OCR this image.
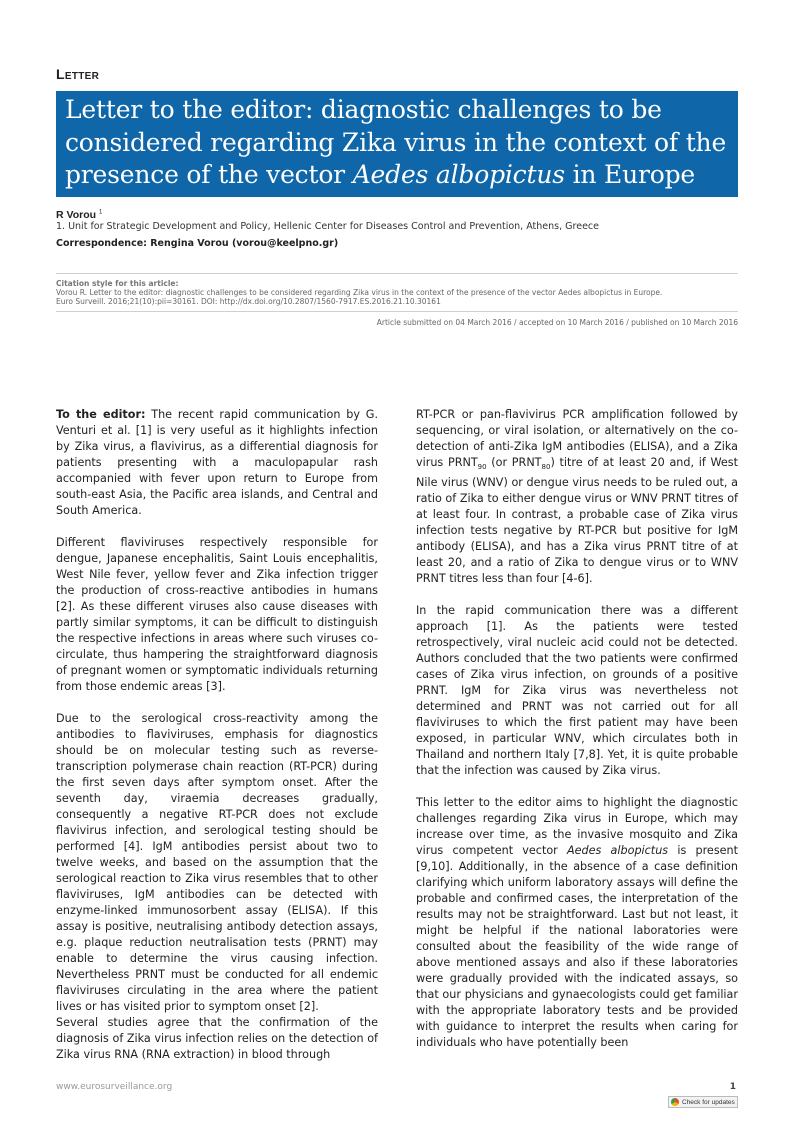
Letter
Letter to the editor: diagnostic challenges to be considered regarding Zika virus in the context of the presence of the vector Aedes albopictus in Europe
R Vorou $^1$
1. Unit for Strategic Development and Policy, Hellenic Center for Diseases Control and Prevention, Athens, Greece
Correspondence: Rengina Vorou (vorou@keelpno.gr)
Citation style for this article:
Vorou R. Letter to the editor: diagnostic challenges to be considered regarding Zika virus in the context of the presence of the vector Aedes albopictus in Europe.
Euro Surveill. 2016;21(10):pii=30161. DOI: http://dx.doi.org/10.2807/1560-7917.ES.2016.21.10.30161
Article submitted on 04 March 2016 / accepted on 10 March 2016 / published on 10 March 2016

To the editor: The recent rapid communication by G. Venturi et al. [1] is very useful as it highlights infection by Zika virus, a flavivirus, as a differential diagnosis for patients presenting with a maculopapular rash accompanied with fever upon return to Europe from south-east Asia, the Pacific area islands, and Central and South America.

Different flaviviruses respectively responsible for dengue, Japanese encephalitis, Saint Louis encephalitis, West Nile fever, yellow fever and Zika infection trigger the production of cross-reactive antibodies in humans [2]. As these different viruses also cause diseases with partly similar symptoms, it can be difficult to distinguish the respective infections in areas where such viruses co-circulate, thus hampering the straightforward diagnosis of pregnant women or symptomatic individuals returning from those endemic areas [3].

Due to the serological cross-reactivity among the antibodies to flaviviruses, emphasis for diagnostics should be on molecular testing such as reverse-transcription polymerase chain reaction (RT-PCR) during the first seven days after symptom onset. After the seventh day, viraemia decreases gradually, consequently a negative RT-PCR does not exclude flavivirus infection, and serological testing should be performed [4]. IgM antibodies persist about two to twelve weeks, and based on the assumption that the serological reaction to Zika virus resembles that to other flaviviruses, IgM antibodies can be detected with enzyme-linked immunosorbent assay (ELISA). If this assay is positive, neutralising antibody detection assays, e.g. plaque reduction neutralisation tests (PRNT) may enable to determine the virus causing infection. Nevertheless PRNT must be conducted for all endemic flaviviruses circulating in the area where the patient lives or has visited prior to symptom onset [2].

Several studies agree that the confirmation of the diagnosis of Zika virus infection relies on the detection of Zika virus RNA (RNA extraction) in blood through

RT-PCR or pan-flavivirus PCR amplification followed by sequencing, or viral isolation, or alternatively on the co-detection of anti-Zika IgM antibodies (ELISA), and a Zika virus $PRNT_{90}$ (or $PRNT_{80}$) titre of at least 20 and, if West Nile virus (WNV) or dengue virus needs to be ruled out, a ratio of Zika to either dengue virus or WNV PRNT titres of at least four. In contrast, a probable case of Zika virus infection tests negative by RT-PCR but positive for IgM antibody (ELISA), and has a Zika virus PRNT titre of at least 20, and a ratio of Zika to dengue virus or to WNV PRNT titres less than four [4-6].

In the rapid communication there was a different approach [1]. As the patients were tested retrospectively, viral nucleic acid could not be detected. Authors concluded that the two patients were confirmed cases of Zika virus infection, on grounds of a positive PRNT. IgM for Zika virus was nevertheless not determined and PRNT was not carried out for all flaviviruses to which the first patient may have been exposed, in particular WNV, which circulates both in Thailand and northern Italy [7,8]. Yet, it is quite probable that the infection was caused by Zika virus.

This letter to the editor aims to highlight the diagnostic challenges regarding Zika virus in Europe, which may increase over time, as the invasive mosquito and Zika virus competent vector Aedes albopictus is present [9,10]. Additionally, in the absence of a case definition clarifying which uniform laboratory assays will define the probable and confirmed cases, the interpretation of the results may not be straightforward. Last but not least, it might be helpful if the national laboratories were consulted about the feasibility of the wide range of above mentioned assays and also if these laboratories were gradually provided with the indicated assays, so that our physicians and gynaecologists could get familiar with the appropriate laboratory tests and be provided with guidance to interpret the results when caring for individuals who have potentially been

www.eurosurveillance.org	1
Check for updates
